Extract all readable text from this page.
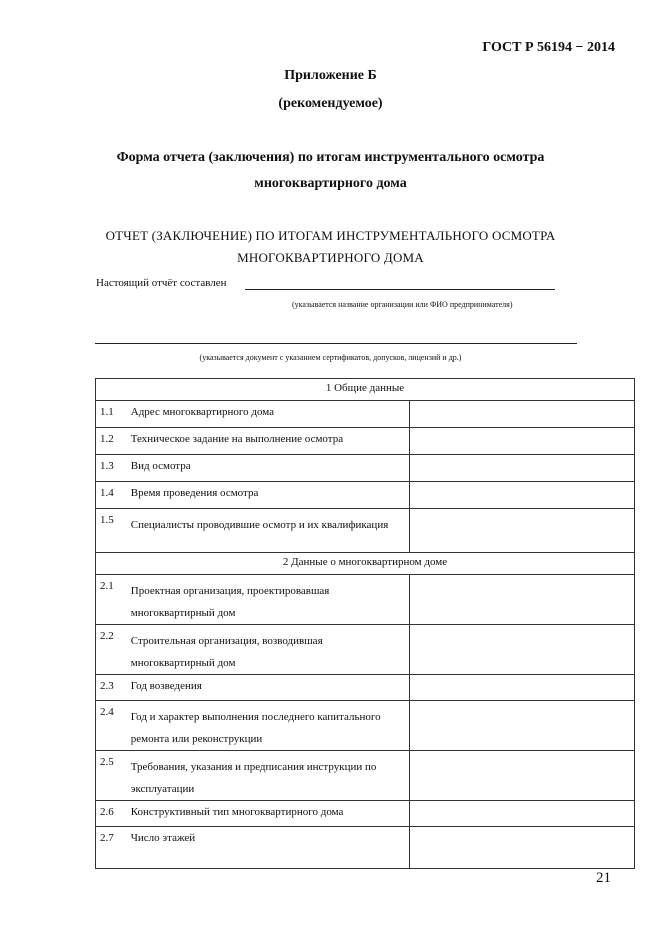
ГОСТ Р 56194 − 2014
Приложение Б
(рекомендуемое)
Форма отчета (заключения) по итогам инструментального осмотра
многоквартирного дома
ОТЧЕТ (ЗАКЛЮЧЕНИЕ) ПО ИТОГАМ ИНСТРУМЕНТАЛЬНОГО ОСМОТРА
МНОГОКВАРТИРНОГО ДОМА
Настоящий отчёт составлен
(указывается название организации или ФИО предпринимателя)
(указывается документ с указанием сертификатов, допусков, лицензий и др.)
1 Общие данные		
1.1	Адрес многоквартирного дома	
1.2	Техническое задание на выполнение осмотра	
1.3	Вид осмотра	
1.4	Время проведения осмотра	
1.5	Специалисты проводившие осмотр и их квалификация	
2 Данные о многоквартирном доме		
2.1	Проектная организация, проектировавшая многоквартирный дом	
2.2	Строительная организация, возводившая многоквартирный дом	
2.3	Год возведения	
2.4	Год и характер выполнения последнего капитального ремонта или реконструкции	
2.5	Требования, указания и предписания инструкции по эксплуатации	
2.6	Конструктивный тип многоквартирного дома	
2.7	Число этажей	
21
